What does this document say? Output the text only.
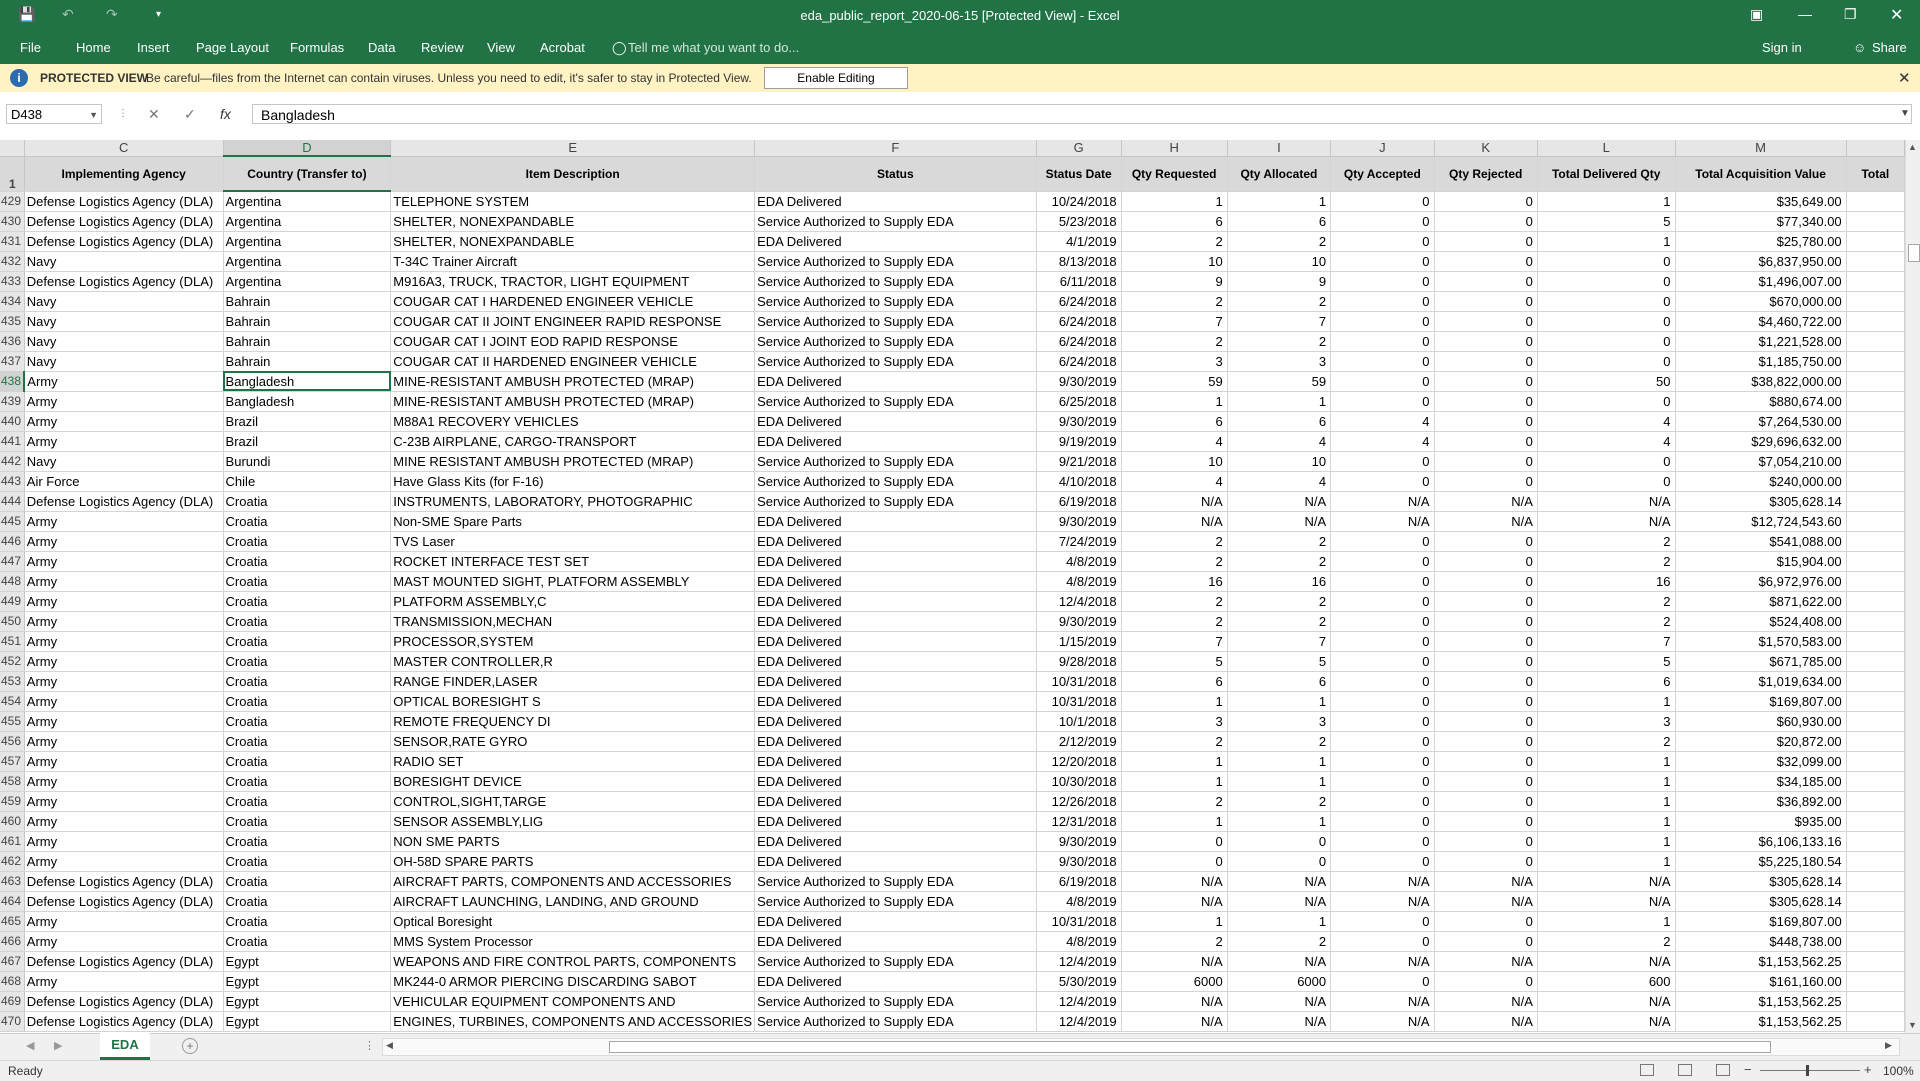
💾 ↶ ↷	▾	eda_public_report_2020-06-15 [Protected View] - Excel	▣ — ❐ ✕
File	Home Insert Page Layout Formulas Data Review View Acrobat ◯ Tell me what you want to do...	Sign in	☺ Share
i	PROTECTED VIEW
Be careful—files from the Internet can contain viruses. Unless you need to edit, it's safer to stay in Protected View.	Enable Editing	✕
D438	▼ ⋮ ✕ ✓ fx	Bangladesh	▼
	C	D	E	F	G	H	I	J	K	L	M	
1	Implementing Agency	Country (Transfer to)	Item Description	Status	Status Date	Qty Requested	Qty Allocated	Qty Accepted	Qty Rejected	Total Delivered Qty	Total Acquisition Value	Total
429	Defense Logistics Agency (DLA)	Argentina	TELEPHONE SYSTEM	EDA Delivered	10/24/2018	1	1	0	0	1	$35,649.00	
430	Defense Logistics Agency (DLA)	Argentina	SHELTER, NONEXPANDABLE	Service Authorized to Supply EDA	5/23/2018	6	6	0	0	5	$77,340.00	
431	Defense Logistics Agency (DLA)	Argentina	SHELTER, NONEXPANDABLE	EDA Delivered	4/1/2019	2	2	0	0	1	$25,780.00	
432	Navy	Argentina	T-34C Trainer Aircraft	Service Authorized to Supply EDA	8/13/2018	10	10	0	0	0	$6,837,950.00	
433	Defense Logistics Agency (DLA)	Argentina	M916A3, TRUCK, TRACTOR, LIGHT EQUIPMENT	Service Authorized to Supply EDA	6/11/2018	9	9	0	0	0	$1,496,007.00	
434	Navy	Bahrain	COUGAR CAT I HARDENED ENGINEER VEHICLE	Service Authorized to Supply EDA	6/24/2018	2	2	0	0	0	$670,000.00	
435	Navy	Bahrain	COUGAR CAT II JOINT ENGINEER RAPID RESPONSE	Service Authorized to Supply EDA	6/24/2018	7	7	0	0	0	$4,460,722.00	
436	Navy	Bahrain	COUGAR CAT I JOINT EOD RAPID RESPONSE	Service Authorized to Supply EDA	6/24/2018	2	2	0	0	0	$1,221,528.00	
437	Navy	Bahrain	COUGAR CAT II HARDENED ENGINEER VEHICLE	Service Authorized to Supply EDA	6/24/2018	3	3	0	0	0	$1,185,750.00	
438	Army	Bangladesh	MINE-RESISTANT AMBUSH PROTECTED (MRAP)	EDA Delivered	9/30/2019	59	59	0	0	50	$38,822,000.00	
439	Army	Bangladesh	MINE-RESISTANT AMBUSH PROTECTED (MRAP)	Service Authorized to Supply EDA	6/25/2018	1	1	0	0	0	$880,674.00	
440	Army	Brazil	M88A1 RECOVERY VEHICLES	EDA Delivered	9/30/2019	6	6	4	0	4	$7,264,530.00	
441	Army	Brazil	C-23B AIRPLANE, CARGO-TRANSPORT	EDA Delivered	9/19/2019	4	4	4	0	4	$29,696,632.00	
442	Navy	Burundi	MINE RESISTANT AMBUSH PROTECTED (MRAP)	Service Authorized to Supply EDA	9/21/2018	10	10	0	0	0	$7,054,210.00	
443	Air Force	Chile	Have Glass Kits (for F-16)	Service Authorized to Supply EDA	4/10/2018	4	4	0	0	0	$240,000.00	
444	Defense Logistics Agency (DLA)	Croatia	INSTRUMENTS, LABORATORY, PHOTOGRAPHIC	Service Authorized to Supply EDA	6/19/2018	N/A	N/A	N/A	N/A	N/A	$305,628.14	
445	Army	Croatia	Non-SME Spare Parts	EDA Delivered	9/30/2019	N/A	N/A	N/A	N/A	N/A	$12,724,543.60	
446	Army	Croatia	TVS Laser	EDA Delivered	7/24/2019	2	2	0	0	2	$541,088.00	
447	Army	Croatia	ROCKET INTERFACE TEST SET	EDA Delivered	4/8/2019	2	2	0	0	2	$15,904.00	
448	Army	Croatia	MAST MOUNTED SIGHT, PLATFORM ASSEMBLY	EDA Delivered	4/8/2019	16	16	0	0	16	$6,972,976.00	
449	Army	Croatia	PLATFORM ASSEMBLY,C	EDA Delivered	12/4/2018	2	2	0	0	2	$871,622.00	
450	Army	Croatia	TRANSMISSION,MECHAN	EDA Delivered	9/30/2019	2	2	0	0	2	$524,408.00	
451	Army	Croatia	PROCESSOR,SYSTEM	EDA Delivered	1/15/2019	7	7	0	0	7	$1,570,583.00	
452	Army	Croatia	MASTER CONTROLLER,R	EDA Delivered	9/28/2018	5	5	0	0	5	$671,785.00	
453	Army	Croatia	RANGE FINDER,LASER	EDA Delivered	10/31/2018	6	6	0	0	6	$1,019,634.00	
454	Army	Croatia	OPTICAL BORESIGHT S	EDA Delivered	10/31/2018	1	1	0	0	1	$169,807.00	
455	Army	Croatia	REMOTE FREQUENCY DI	EDA Delivered	10/1/2018	3	3	0	0	3	$60,930.00	
456	Army	Croatia	SENSOR,RATE GYRO	EDA Delivered	2/12/2019	2	2	0	0	2	$20,872.00	
457	Army	Croatia	RADIO SET	EDA Delivered	12/20/2018	1	1	0	0	1	$32,099.00	
458	Army	Croatia	BORESIGHT DEVICE	EDA Delivered	10/30/2018	1	1	0	0	1	$34,185.00	
459	Army	Croatia	CONTROL,SIGHT,TARGE	EDA Delivered	12/26/2018	2	2	0	0	1	$36,892.00	
460	Army	Croatia	SENSOR ASSEMBLY,LIG	EDA Delivered	12/31/2018	1	1	0	0	1	$935.00	
461	Army	Croatia	NON SME PARTS	EDA Delivered	9/30/2019	0	0	0	0	1	$6,106,133.16	
462	Army	Croatia	OH-58D SPARE PARTS	EDA Delivered	9/30/2018	0	0	0	0	1	$5,225,180.54	
463	Defense Logistics Agency (DLA)	Croatia	AIRCRAFT PARTS, COMPONENTS AND ACCESSORIES	Service Authorized to Supply EDA	6/19/2018	N/A	N/A	N/A	N/A	N/A	$305,628.14	
464	Defense Logistics Agency (DLA)	Croatia	AIRCRAFT LAUNCHING, LANDING, AND GROUND	Service Authorized to Supply EDA	4/8/2019	N/A	N/A	N/A	N/A	N/A	$305,628.14	
465	Army	Croatia	Optical Boresight	EDA Delivered	10/31/2018	1	1	0	0	1	$169,807.00	
466	Army	Croatia	MMS System Processor	EDA Delivered	4/8/2019	2	2	0	0	2	$448,738.00	
467	Defense Logistics Agency (DLA)	Egypt	WEAPONS AND FIRE CONTROL PARTS, COMPONENTS	Service Authorized to Supply EDA	12/4/2019	N/A	N/A	N/A	N/A	N/A	$1,153,562.25	
468	Army	Egypt	MK244-0 ARMOR PIERCING DISCARDING SABOT	EDA Delivered	5/30/2019	6000	6000	0	0	600	$161,160.00	
469	Defense Logistics Agency (DLA)	Egypt	VEHICULAR EQUIPMENT COMPONENTS AND	Service Authorized to Supply EDA	12/4/2019	N/A	N/A	N/A	N/A	N/A	$1,153,562.25	
470	Defense Logistics Agency (DLA)	Egypt	ENGINES, TURBINES, COMPONENTS AND ACCESSORIES	Service Authorized to Supply EDA	12/4/2019	N/A	N/A	N/A	N/A	N/A	$1,153,562.25	
▲
▼
◀ ▶	EDA	+	⋮ ◀	▶
Ready	−	+ 100%
